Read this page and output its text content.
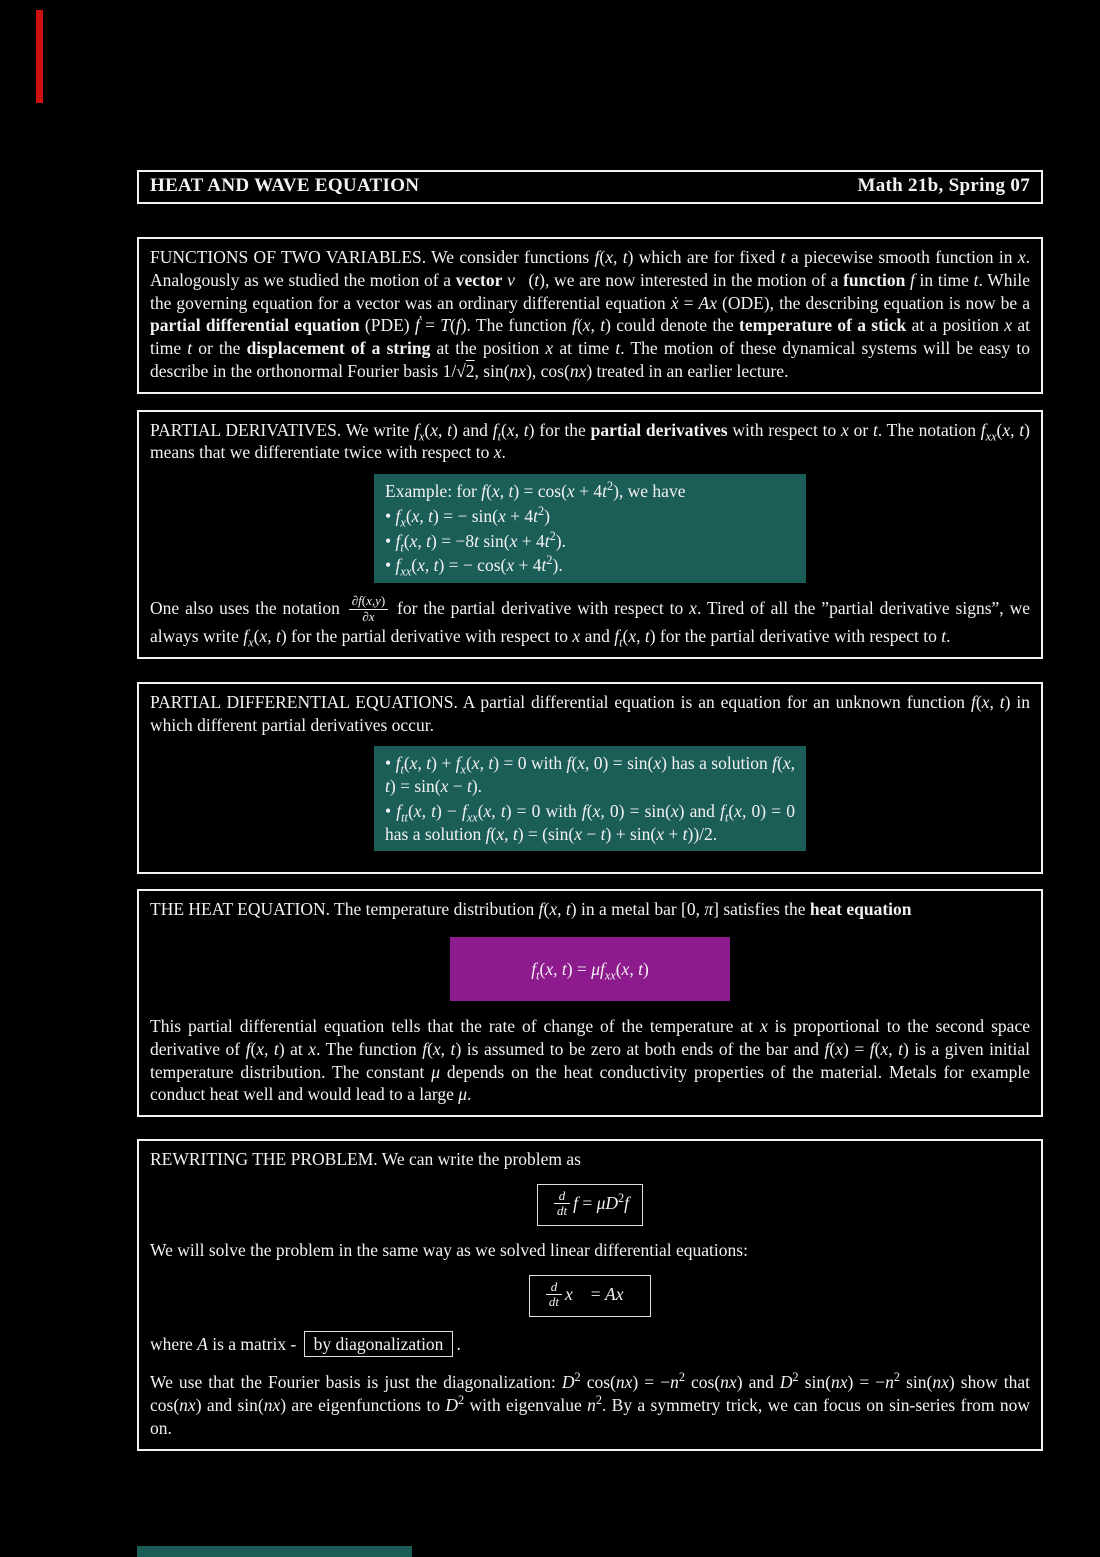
HEAT AND WAVE EQUATION	Math 21b, Spring 07

FUNCTIONS OF TWO VARIABLES. We consider functions f(x, t) which are for fixed t a piecewise smooth function in x. Analogously as we studied the motion of a vector v⃗(t), we are now interested in the motion of a function f in time t. While the governing equation for a vector was an ordinary differential equation ẋ = Ax (ODE), the describing equation is now be a partial differential equation (PDE) ḟ = T(f). The function f(x, t) could denote the temperature of a stick at a position x at time t or the displacement of a string at the position x at time t. The motion of these dynamical systems will be easy to describe in the orthonormal Fourier basis 1/√2, sin(nx), cos(nx) treated in an earlier lecture.

PARTIAL DERIVATIVES. We write $f_x(x$, t) and $f_t(x$, t) for the partial derivatives with respect to x or t. The notation $f_{xx}(x$, t) means that we differentiate twice with respect to x.

Example: for f(x, $t) = \cos(x + 4t^2)$, we have

• $f_x(x$, t) = − $\sin(x + 4t^2)$

• $f_t(x$, t) = −8t $\sin(x + 4t^2)$.

• $f_{xx}(x$, t) = − $\cos(x + 4t^2)$.

One also uses the notation $\frac{\partial f(x,y)}{\partial x}$ for the partial derivative with respect to x. Tired of all the ”partial derivative signs”, we always write $f_x(x$, t) for the partial derivative with respect to x and $f_t(x$, t) for the partial derivative with respect to t.

PARTIAL DIFFERENTIAL EQUATIONS. A partial differential equation is an equation for an unknown function f(x, t) in which different partial derivatives occur.

• $f_t(x$, $t) + f_x(x$, t) = 0 with f(x, 0) = sin(x) has a solution f(x, t) = sin(x − t).

• $f_{tt}(x$, $t) - f_{xx}(x$, t) = 0 with f(x, 0) = sin(x) and $f_t(x$, 0) = 0 has a solution f(x, t) = (sin(x − t) + sin(x + t))/2.

THE HEAT EQUATION. The temperature distribution f(x, t) in a metal bar [0, π] satisfies the heat equation

$f_t(x$, $t) = \mu f_{xx}(x$, t)

This partial differential equation tells that the rate of change of the temperature at x is proportional to the second space derivative of f(x, t) at x. The function f(x, t) is assumed to be zero at both ends of the bar and f(x) = f(x, t) is a given initial temperature distribution. The constant μ depends on the heat conductivity properties of the material. Metals for example conduct heat well and would lead to a large μ.

REWRITING THE PROBLEM. We can write the problem as

$\frac{d}{dt}$ $f = \mu D^2f$

We will solve the problem in the same way as we solved linear differential equations:

$\frac{d}{dt}$ x⃗ = Ax⃗

where A is a matrix - by diagonalization .

We use that the Fourier basis is just the diagonalization: $D^2$ $\cos(nx) = -n^2$ cos(nx) and $D^2$ $\sin(nx) = -n^2$ sin(nx) show that cos(nx) and sin(nx) are eigenfunctions to $D^2$ with eigenvalue $n^2$. By a symmetry trick, we can focus on sin-series from now on.
